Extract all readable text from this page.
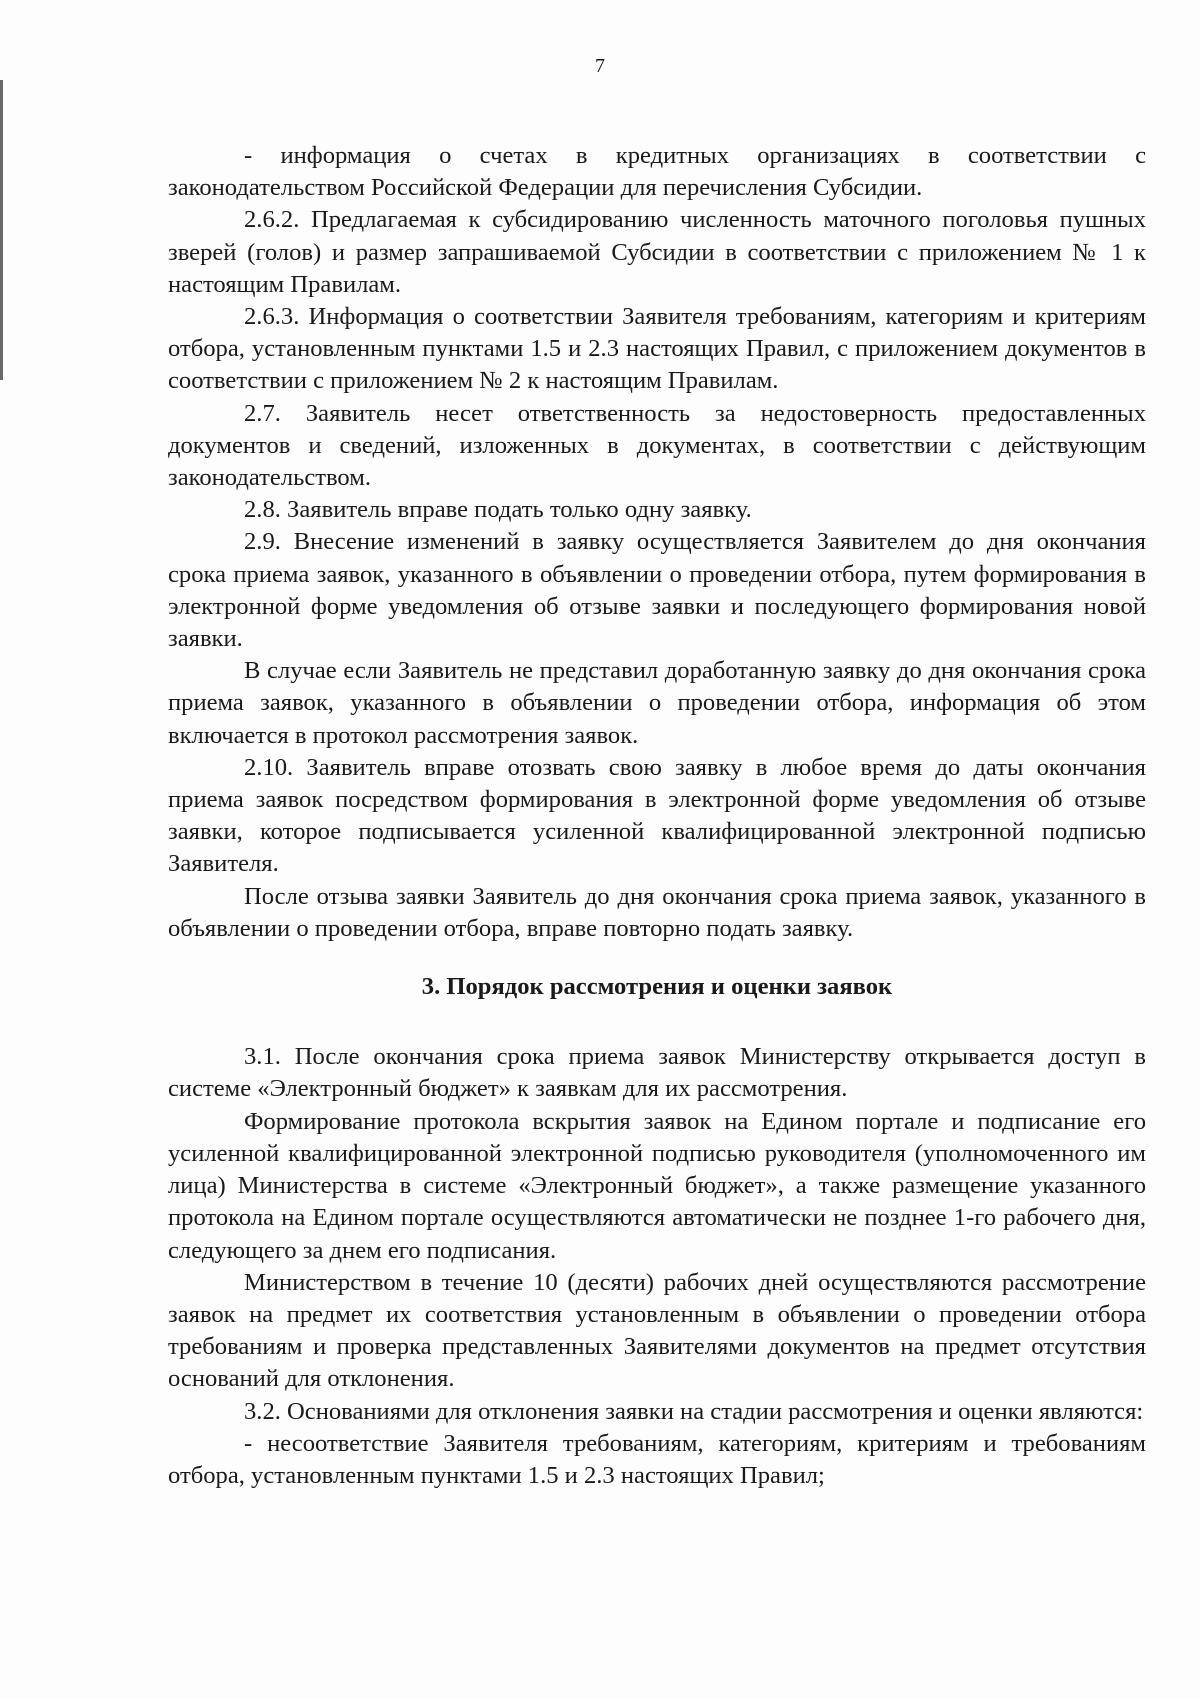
7

- информация о счетах в кредитных организациях в соответствии с законодательством Российской Федерации для перечисления Субсидии.

2.6.2. Предлагаемая к субсидированию численность маточного поголовья пушных зверей (голов) и размер запрашиваемой Субсидии в соответствии с приложением № 1 к настоящим Правилам.

2.6.3. Информация о соответствии Заявителя требованиям, категориям и критериям отбора, установленным пунктами 1.5 и 2.3 настоящих Правил, с приложением документов в соответствии с приложением № 2 к настоящим Правилам.

2.7. Заявитель несет ответственность за недостоверность предоставленных документов и сведений, изложенных в документах, в соответствии с действующим законодательством.

2.8. Заявитель вправе подать только одну заявку.

2.9. Внесение изменений в заявку осуществляется Заявителем до дня окончания срока приема заявок, указанного в объявлении о проведении отбора, путем формирования в электронной форме уведомления об отзыве заявки и последующего формирования новой заявки.

В случае если Заявитель не представил доработанную заявку до дня окончания срока приема заявок, указанного в объявлении о проведении отбора, информация об этом включается в протокол рассмотрения заявок.

2.10. Заявитель вправе отозвать свою заявку в любое время до даты окончания приема заявок посредством формирования в электронной форме уведомления об отзыве заявки, которое подписывается усиленной квалифицированной электронной подписью Заявителя.

После отзыва заявки Заявитель до дня окончания срока приема заявок, указанного в объявлении о проведении отбора, вправе повторно подать заявку.

3. Порядок рассмотрения и оценки заявок

3.1. После окончания срока приема заявок Министерству открывается доступ в системе «Электронный бюджет» к заявкам для их рассмотрения.

Формирование протокола вскрытия заявок на Едином портале и подписание его усиленной квалифицированной электронной подписью руководителя (уполномоченного им лица) Министерства в системе «Электронный бюджет», а также размещение указанного протокола на Едином портале осуществляются автоматически не позднее 1-го рабочего дня, следующего за днем его подписания.

Министерством в течение 10 (десяти) рабочих дней осуществляются рассмотрение заявок на предмет их соответствия установленным в объявлении о проведении отбора требованиям и проверка представленных Заявителями документов на предмет отсутствия оснований для отклонения.

3.2. Основаниями для отклонения заявки на стадии рассмотрения и оценки являются:

- несоответствие Заявителя требованиям, категориям, критериям и требованиям отбора, установленным пунктами 1.5 и 2.3 настоящих Правил;
